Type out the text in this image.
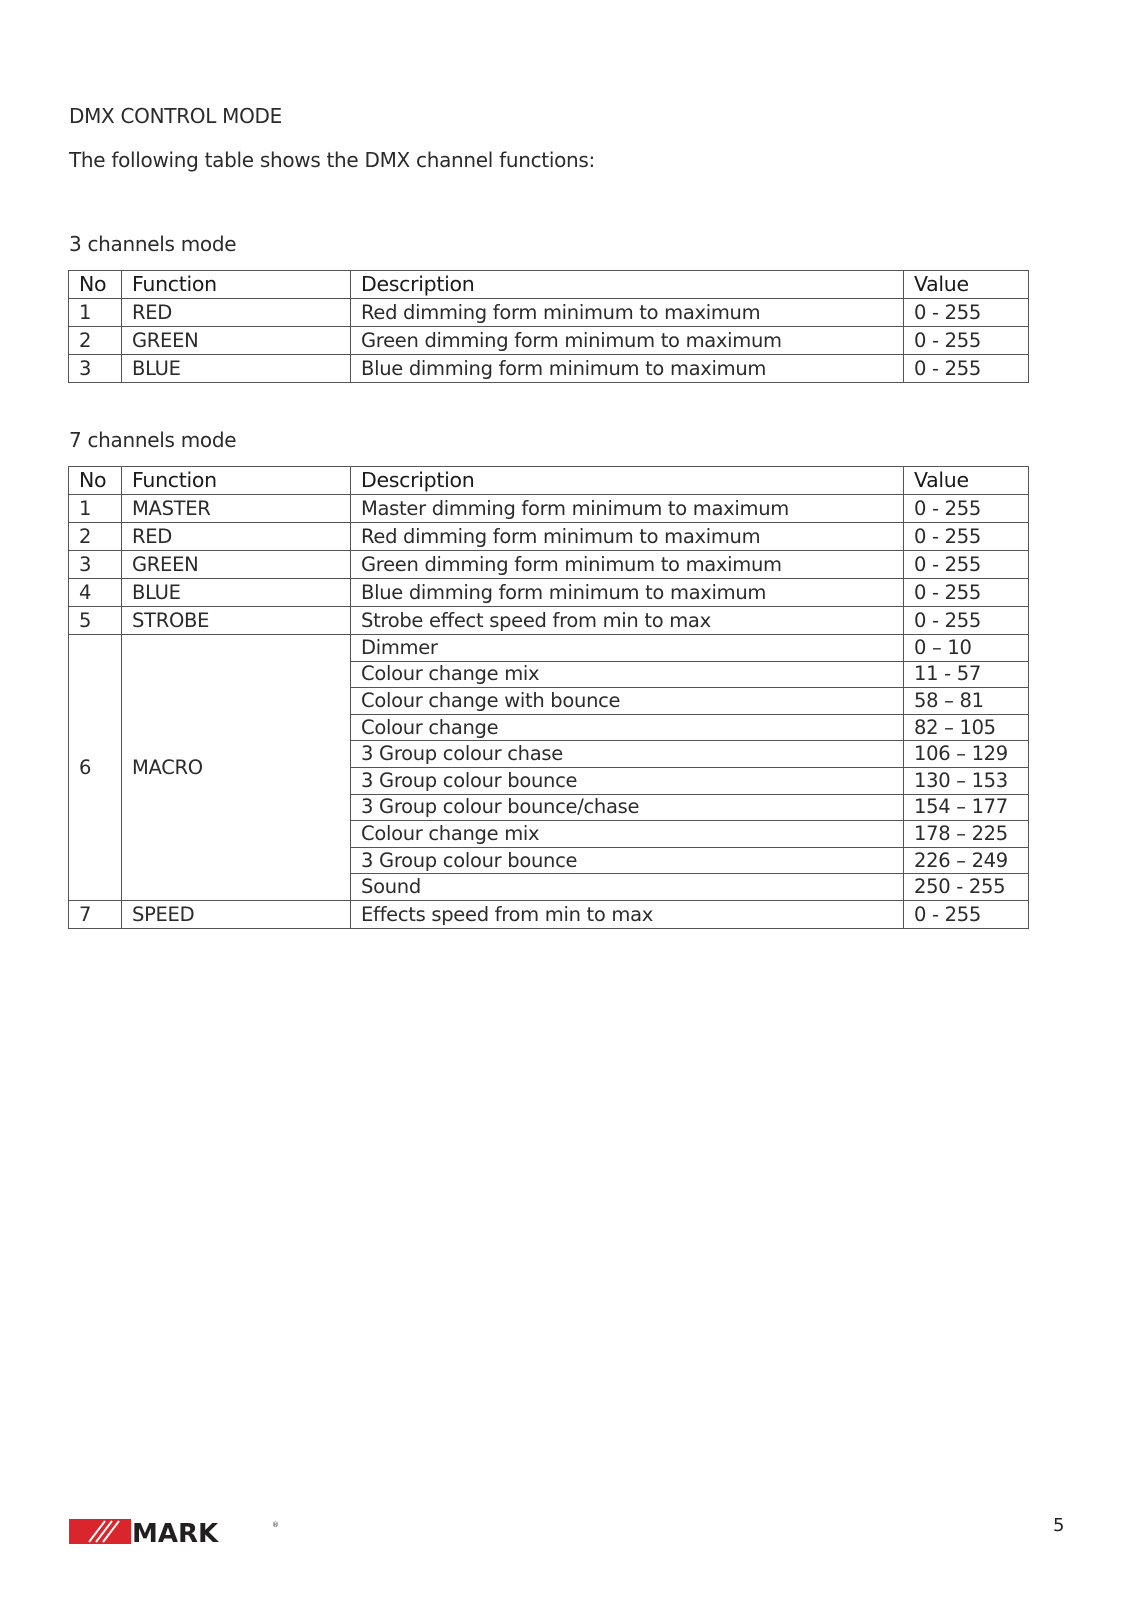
DMX CONTROL MODE
The following table shows the DMX channel functions:
3 channels mode
No	Function	Description	Value
1	RED	Red dimming form minimum to maximum	0 - 255
2	GREEN	Green dimming form minimum to maximum	0 - 255
3	BLUE	Blue dimming form minimum to maximum	0 - 255
7 channels mode
No	Function	Description	Value
1	MASTER	Master dimming form minimum to maximum	0 - 255
2	RED	Red dimming form minimum to maximum	0 - 255
3	GREEN	Green dimming form minimum to maximum	0 - 255
4	BLUE	Blue dimming form minimum to maximum	0 - 255
5	STROBE	Strobe effect speed from min to max	0 - 255
6	MACRO	Dimmer	0 – 10
		Colour change mix	11 - 57
		Colour change with bounce	58 – 81
		Colour change	82 – 105
		3 Group colour chase	106 – 129
		3 Group colour bounce	130 – 153
		3 Group colour bounce/chase	154 – 177
		Colour change mix	178 – 225
		3 Group colour bounce	226 – 249
		Sound	250 - 255
7	SPEED	Effects speed from min to max	0 - 255
MARK	®	5
